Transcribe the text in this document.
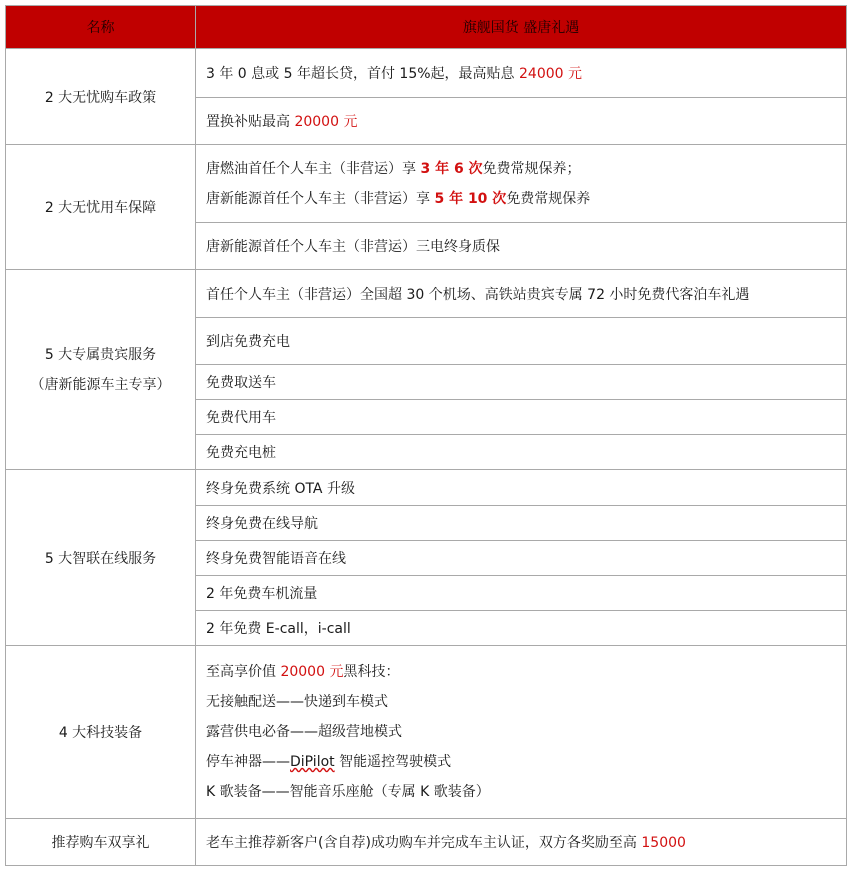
名称	旗舰国货 盛唐礼遇
2 大无忧购车政策	3 年 0 息或 5 年超长贷，首付 15%起，最高贴息 24000 元
	置换补贴最高 20000 元
2 大无忧用车保障	唐燃油首任个人车主（非营运）享 3 年 6 次免费常规保养；
唐新能源首任个人车主（非营运）享 5 年 10 次免费常规保养

	唐新能源首任个人车主（非营运）三电终身质保

5 大专属贵宾服务
（唐新能源车主专享）	首任个人车主（非营运）全国超 30 个机场、高铁站贵宾专属 72 小时免费代客泊车礼遇
	到店免费充电
	免费取送车
	免费代用车
	免费充电桩
5 大智联在线服务	终身免费系统 OTA 升级
	终身免费在线导航
	终身免费智能语音在线
	2 年免费车机流量
	2 年免费 E-call，i-call
4 大科技装备	至高享价值 20000 元黑科技：
无接触配送——快递到车模式
露营供电必备——超级营地模式
停车神器——DiPilot 智能遥控驾驶模式
K 歌装备——智能音乐座舱（专属 K 歌装备）

推荐购车双享礼	老车主推荐新客户(含自荐)成功购车并完成车主认证，双方各奖励至高 15000
